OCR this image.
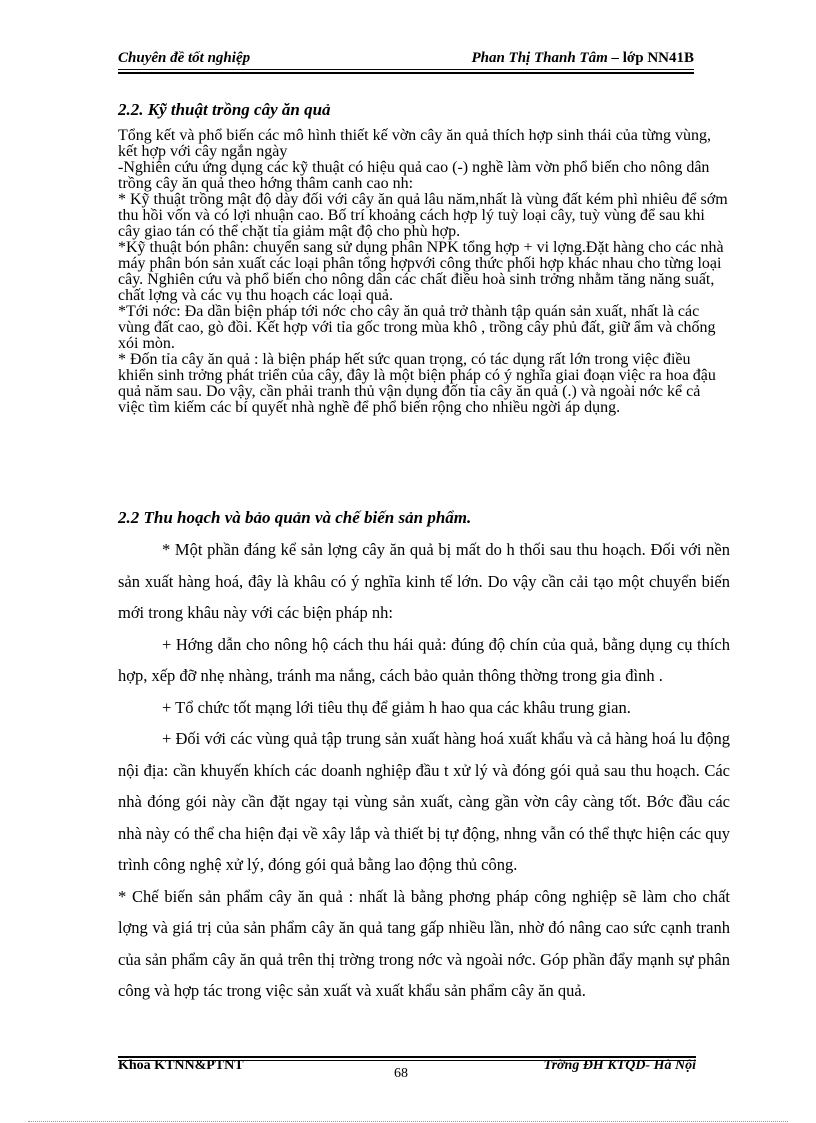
Chuyên đề tốt nghiệp	Phan Thị Thanh Tâm – lớp NN41B
2.2. Kỹ thuật trồng cây ăn quả

Tổng kết và phổ biến các mô hình thiết kế vờn cây ăn quả thích hợp sinh thái của từng vùng, kết hợp với cây ngắn ngày

-Nghiên cứu ứng dụng các kỹ thuật có hiệu quả cao (-) nghề làm vờn phổ biến cho nông dân trồng cây ăn quả theo hớng thâm canh cao nh:

* Kỹ thuật trồng mật độ dày đối với cây ăn quả lâu năm,nhất là vùng đất kém phì nhiêu để sớm thu hồi vốn và có lợi nhuận cao. Bố trí khoảng cách hợp lý tuỳ loại cây, tuỳ vùng để sau khi cây giao tán có thể chặt tỉa giảm mật độ cho phù hợp.

*Kỹ thuật bón phân: chuyển sang sử dụng phân NPK tổng hợp + vi lợng.Đặt hàng cho các nhà máy phân bón sản xuất các loại phân tổng hợpvới công thức phối hợp khác nhau cho từng loại cây. Nghiên cứu và phổ biến cho nông dân các chất điều hoà sinh trởng nhằm tăng năng suất, chất lợng và các vụ thu hoạch các loại quả.

*Tới nớc: Đa dần biện pháp tới nớc cho cây ăn quả trở thành tập quán sản xuất, nhất là các vùng đất cao, gò đồi. Kết hợp với tỉa gốc trong mùa khô , trồng cây phủ đất, giữ ẩm và chống xói mòn.

* Đốn tỉa cây ăn quả : là biện pháp hết sức quan trọng, có tác dụng rất lớn trong việc điều khiển sinh trởng phát triển của cây, đây là một biện pháp có ý nghĩa giai đoạn việc ra hoa đậu quả năm sau. Do vậy, cần phải tranh thủ vận dụng đốn tỉa cây ăn quả (.) và ngoài nớc kể cả việc tìm kiếm các bí quyết nhà nghề để phổ biến rộng cho nhiều ngời áp dụng.

2.2 Thu hoạch và bảo quản và chế biến sản phẩm.

* Một phần đáng kể sản lợng cây ăn quả bị mất do h thối sau thu hoạch. Đối với nền sản xuất hàng hoá, đây là khâu có ý nghĩa kinh tế lớn. Do vậy cần cải tạo một chuyển biến mới trong khâu này với các biện pháp nh:

+ Hớng dẫn cho nông hộ cách thu hái quả: đúng độ chín của quả, bằng dụng cụ thích hợp, xếp đỡ nhẹ nhàng, tránh ma nắng, cách bảo quản thông thờng trong gia đình .

+ Tổ chức tốt mạng lới tiêu thụ để giảm h hao qua các khâu trung gian.

+ Đối với các vùng quả tập trung sản xuất hàng hoá xuất khẩu và cả hàng hoá lu động nội địa: cần khuyến khích các doanh nghiệp đầu t xử lý và đóng gói quả sau thu hoạch. Các nhà đóng gói này cần đặt ngay tại vùng sản xuất, càng gần vờn cây càng tốt. Bớc đầu các nhà này có thể cha hiện đại về xây lắp và thiết bị tự động, nhng vẫn có thể thực hiện các quy trình công nghệ xử lý, đóng gói quả bằng lao động thủ công.

* Chế biến sản phẩm cây ăn quả : nhất là bằng phơng pháp công nghiệp sẽ làm cho chất lợng và giá trị của sản phẩm cây ăn quả tang gấp nhiều lần, nhờ đó nâng cao sức cạnh tranh của sản phẩm cây ăn quả trên thị trờng trong nớc và ngoài nớc. Góp phần đẩy mạnh sự phân công và hợp tác trong việc sản xuất và xuất khẩu sản phẩm cây ăn quả.

Khoa KTNN&PTNT
68
Trờng ĐH KTQD- Hà Nội
